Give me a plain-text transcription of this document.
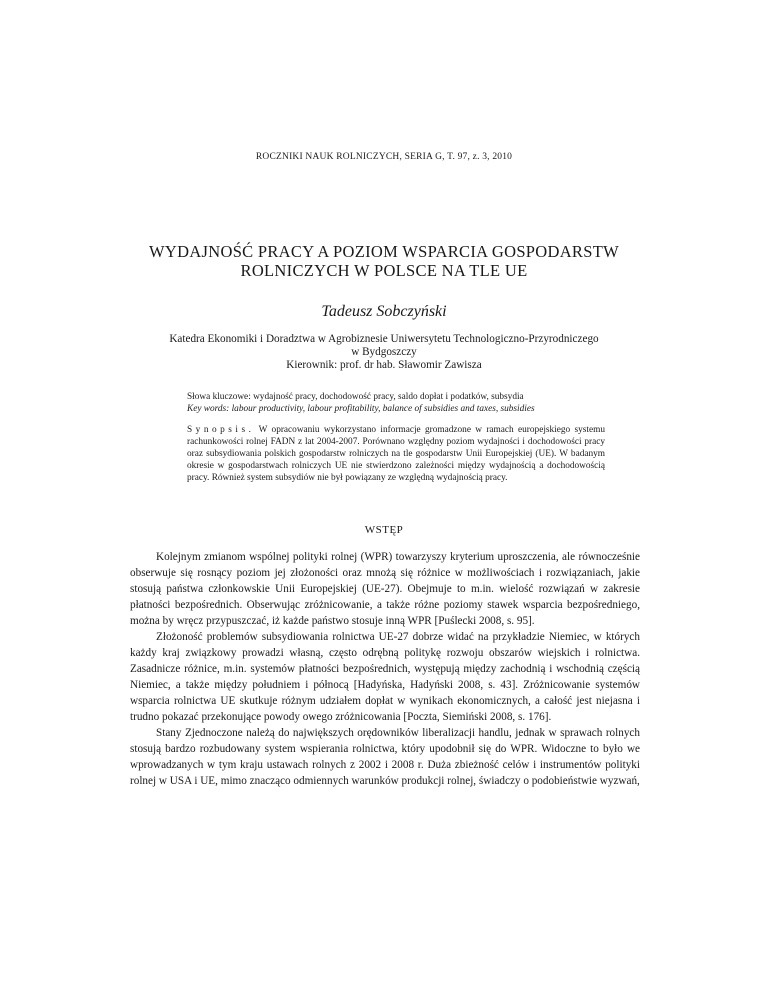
ROCZNIKI NAUK ROLNICZYCH, SERIA G, T. 97, z. 3, 2010
WYDAJNOŚĆ PRACY A POZIOM WSPARCIA GOSPODARSTW
ROLNICZYCH W POLSCE NA TLE UE
Tadeusz Sobczyński
Katedra Ekonomiki i Doradztwa w Agrobiznesie Uniwersytetu Technologiczno-Przyrodniczego
w Bydgoszczy
Kierownik: prof. dr hab. Sławomir Zawisza
Słowa kluczowe: wydajność pracy, dochodowość pracy, saldo dopłat i podatków, subsydia
Key words: labour productivity, labour profitability, balance of subsidies and taxes, subsidies
Synopsis. W opracowaniu wykorzystano informacje gromadzone w ramach europejskiego systemu rachunkowości rolnej FADN z lat 2004-2007. Porównano względny poziom wydajności i dochodowości pracy oraz subsydiowania polskich gospodarstw rolniczych na tle gospodarstw Unii Europejskiej (UE). W badanym okresie w gospodarstwach rolniczych UE nie stwierdzono zależności między wydajnością a dochodowością pracy. Również system subsydiów nie był powiązany ze względną wydajnością pracy.
WSTĘP

Kolejnym zmianom wspólnej polityki rolnej (WPR) towarzyszy kryterium uproszczenia, ale równocześnie obserwuje się rosnący poziom jej złożoności oraz mnożą się różnice w możliwościach i rozwiązaniach, jakie stosują państwa członkowskie Unii Europejskiej (UE-27). Obejmuje to m.in. wielość rozwiązań w zakresie płatności bezpośrednich. Obserwując zróżnicowanie, a także różne poziomy stawek wsparcia bezpośredniego, można by wręcz przypuszczać, iż każde państwo stosuje inną WPR [Puślecki 2008, s. 95].

Złożoność problemów subsydiowania rolnictwa UE-27 dobrze widać na przykładzie Niemiec, w których każdy kraj związkowy prowadzi własną, często odrębną politykę rozwoju obszarów wiejskich i rolnictwa. Zasadnicze różnice, m.in. systemów płatności bezpośrednich, występują między zachodnią i wschodnią częścią Niemiec, a także między południem i północą [Hadyńska, Hadyński 2008, s. 43]. Zróżnicowanie systemów wsparcia rolnictwa UE skutkuje różnym udziałem dopłat w wynikach ekonomicznych, a całość jest niejasna i trudno pokazać przekonujące powody owego zróżnicowania [Poczta, Siemiński 2008, s. 176].

Stany Zjednoczone należą do największych orędowników liberalizacji handlu, jednak w sprawach rolnych stosują bardzo rozbudowany system wspierania rolnictwa, który upodobnił się do WPR. Widoczne to było we wprowadzanych w tym kraju ustawach rolnych z 2002 i 2008 r. Duża zbieżność celów i instrumentów polityki rolnej w USA i UE, mimo znacząco odmiennych warunków produkcji rolnej, świadczy o podobieństwie wyzwań,
